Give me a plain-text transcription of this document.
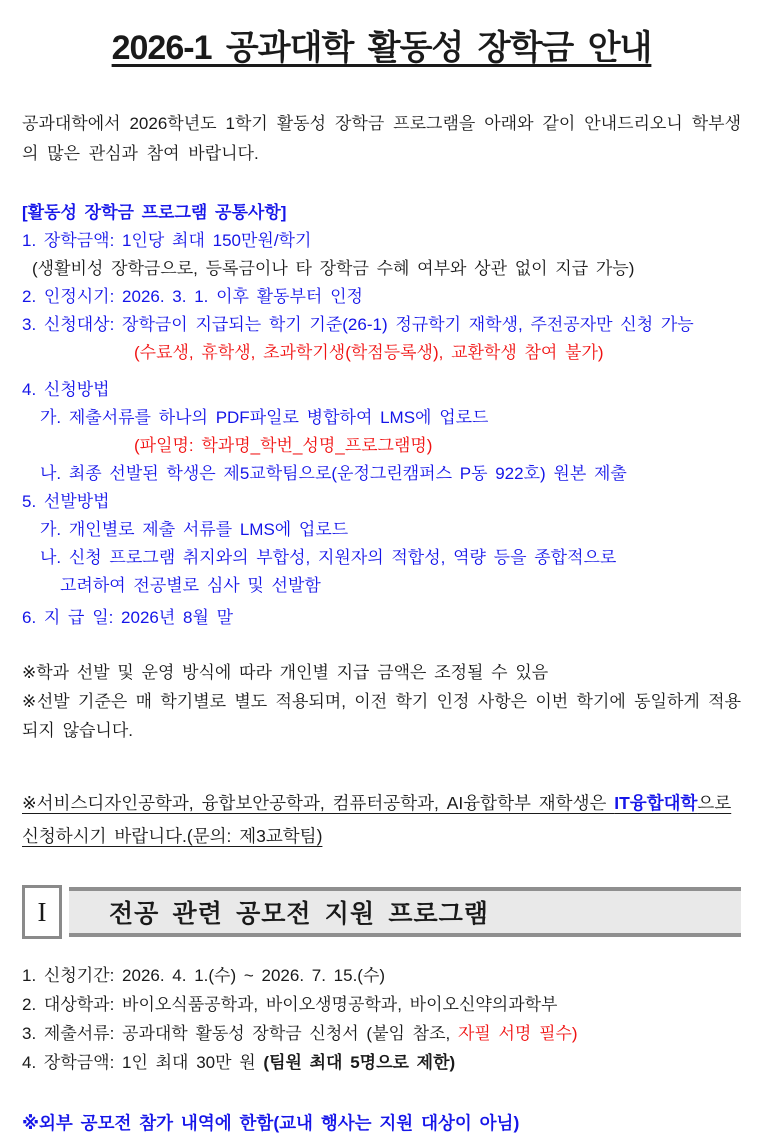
2026-1 공과대학 활동성 장학금 안내
공과대학에서 2026학년도 1학기 활동성 장학금 프로그램을 아래와 같이 안내드리오니 학부생의 많은 관심과 참여 바랍니다.
[활동성 장학금 프로그램 공통사항]
1. 장학금액: 1인당 최대 150만원/학기
(생활비성 장학금으로, 등록금이나 타 장학금 수혜 여부와 상관 없이 지급 가능)
2. 인정시기: 2026. 3. 1. 이후 활동부터 인정
3. 신청대상: 장학금이 지급되는 학기 기준(26-1) 정규학기 재학생, 주전공자만 신청 가능
(수료생, 휴학생, 초과학기생(학점등록생), 교환학생 참여 불가)
4. 신청방법
가. 제출서류를 하나의 PDF파일로 병합하여 LMS에 업로드
(파일명: 학과명_학번_성명_프로그램명)
나. 최종 선발된 학생은 제5교학팀으로(운정그린캠퍼스 P동 922호) 원본 제출
5. 선발방법
가. 개인별로 제출 서류를 LMS에 업로드
나. 신청 프로그램 취지와의 부합성, 지원자의 적합성, 역량 등을 종합적으로
고려하여 전공별로 심사 및 선발함
6. 지 급 일: 2026년 8월 말
※학과 선발 및 운영 방식에 따라 개인별 지급 금액은 조정될 수 있음
※선발 기준은 매 학기별로 별도 적용되며, 이전 학기 인정 사항은 이번 학기에 동일하게 적용되지 않습니다.
※서비스디자인공학과, 융합보안공학과, 컴퓨터공학과, AI융합학부 재학생은 IT융합대학으로 신청하시기 바랍니다.(문의: 제3교학팀)
I	전공 관련 공모전 지원 프로그램
1. 신청기간: 2026. 4. 1.(수) ~ 2026. 7. 15.(수)
2. 대상학과: 바이오식품공학과, 바이오생명공학과, 바이오신약의과학부
3. 제출서류: 공과대학 활동성 장학금 신청서 (붙임 참조, 자필 서명 필수)
4. 장학금액: 1인 최대 30만 원 (팀원 최대 5명으로 제한)
※외부 공모전 참가 내역에 한함(교내 행사는 지원 대상이 아님)
